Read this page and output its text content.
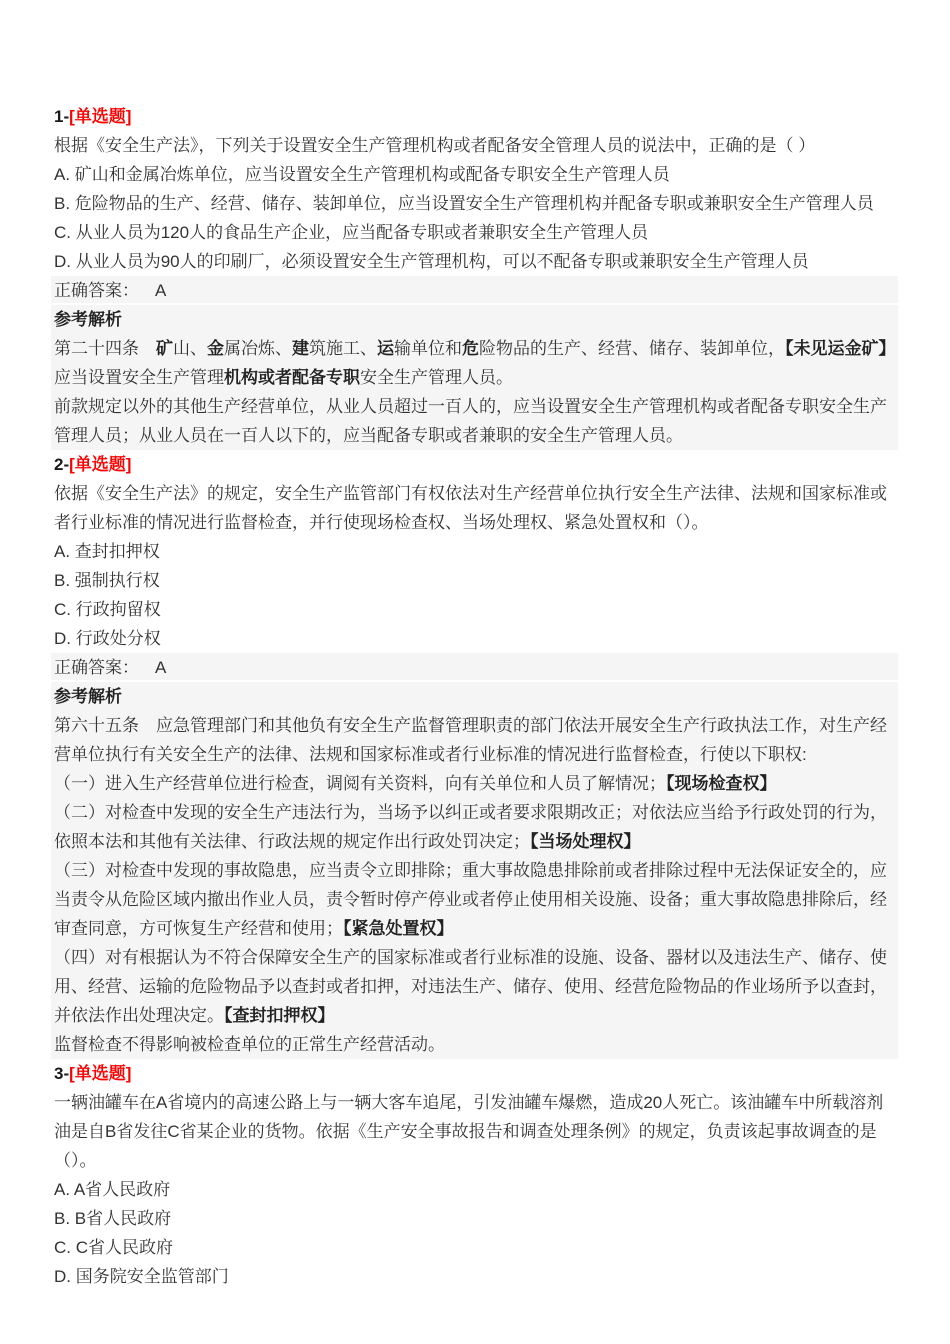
1-[单选题]
根据《安全生产法》，下列关于设置安全生产管理机构或者配备安全管理人员的说法中，正确的是（ ）
A. 矿山和金属冶炼单位，应当设置安全生产管理机构或配备专职安全生产管理人员
B. 危险物品的生产、经营、储存、装卸单位，应当设置安全生产管理机构并配备专职或兼职安全生产管理人员
C. 从业人员为120人的食品生产企业，应当配备专职或者兼职安全生产管理人员
D. 从业人员为90人的印刷厂，必须设置安全生产管理机构，可以不配备专职或兼职安全生产管理人员
正确答案： A
参考解析
第二十四条　矿山、金属冶炼、建筑施工、运输单位和危险物品的生产、经营、储存、装卸单位，【未见运金矿】应当设置安全生产管理机构或者配备专职安全生产管理人员。
前款规定以外的其他生产经营单位，从业人员超过一百人的，应当设置安全生产管理机构或者配备专职安全生产管理人员；从业人员在一百人以下的，应当配备专职或者兼职的安全生产管理人员。
2-[单选题]
依据《安全生产法》的规定，安全生产监管部门有权依法对生产经营单位执行安全生产法律、法规和国家标准或者行业标准的情况进行监督检查，并行使现场检查权、当场处理权、紧急处置权和（）。
A. 查封扣押权
B. 强制执行权
C. 行政拘留权
D. 行政处分权
正确答案： A
参考解析
第六十五条　应急管理部门和其他负有安全生产监督管理职责的部门依法开展安全生产行政执法工作，对生产经营单位执行有关安全生产的法律、法规和国家标准或者行业标准的情况进行监督检查，行使以下职权:
（一）进入生产经营单位进行检查，调阅有关资料，向有关单位和人员了解情况；【现场检查权】
（二）对检查中发现的安全生产违法行为，当场予以纠正或者要求限期改正；对依法应当给予行政处罚的行为，依照本法和其他有关法律、行政法规的规定作出行政处罚决定；【当场处理权】
（三）对检查中发现的事故隐患，应当责令立即排除；重大事故隐患排除前或者排除过程中无法保证安全的，应当责令从危险区域内撤出作业人员，责令暂时停产停业或者停止使用相关设施、设备；重大事故隐患排除后，经审查同意，方可恢复生产经营和使用；【紧急处置权】
（四）对有根据认为不符合保障安全生产的国家标准或者行业标准的设施、设备、器材以及违法生产、储存、使用、经营、运输的危险物品予以查封或者扣押，对违法生产、储存、使用、经营危险物品的作业场所予以查封，并依法作出处理决定。【查封扣押权】
监督检查不得影响被检查单位的正常生产经营活动。
3-[单选题]
一辆油罐车在A省境内的高速公路上与一辆大客车追尾，引发油罐车爆燃，造成20人死亡。该油罐车中所载溶剂油是自B省发往C省某企业的货物。依据《生产安全事故报告和调查处理条例》的规定，负责该起事故调查的是（）。
A. A省人民政府
B. B省人民政府
C. C省人民政府
D. 国务院安全监管部门
